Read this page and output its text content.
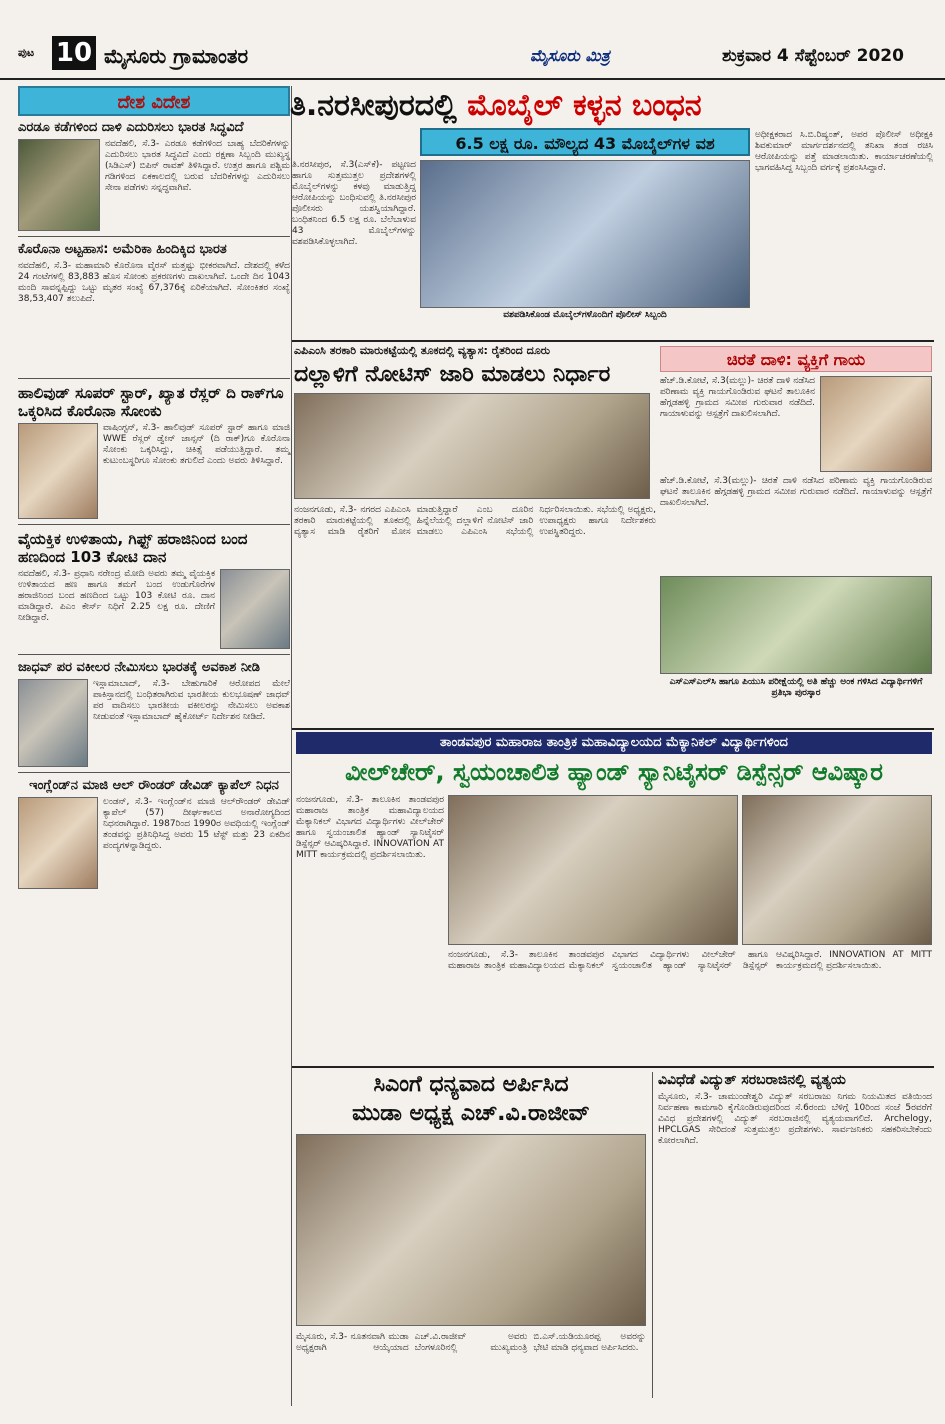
ಪುಟ 10 ಮೈಸೂರು ಗ್ರಾಮಾಂತರ	ಮೈಸೂರು ಮಿತ್ರ	ಶುಕ್ರವಾರ 4 ಸೆಪ್ಟೆಂಬರ್ 2020
ದೇಶ ವಿದೇಶ
ಎರಡೂ ಕಡೆಗಳಿಂದ ದಾಳಿ ಎದುರಿಸಲು ಭಾರತ ಸಿದ್ಧವಿದೆ
ನವದೆಹಲಿ, ಸೆ.3- ಎರಡೂ ಕಡೆಗಳಿಂದ ಬಾಹ್ಯ ಬೆದರಿಕೆಗಳನ್ನು ಎದುರಿಸಲು ಭಾರತ ಸಿದ್ಧವಿದೆ ಎಂದು ರಕ್ಷಣಾ ಸಿಬ್ಬಂದಿ ಮುಖ್ಯಸ್ಥ (ಸಿಡಿಎಸ್) ಬಿಪಿನ್ ರಾವತ್ ತಿಳಿಸಿದ್ದಾರೆ. ಉತ್ತರ ಹಾಗೂ ಪಶ್ಚಿಮ ಗಡಿಗಳಿಂದ ಏಕಕಾಲದಲ್ಲಿ ಬರುವ ಬೆದರಿಕೆಗಳನ್ನು ಎದುರಿಸಲು ಸೇನಾ ಪಡೆಗಳು ಸನ್ನದ್ಧವಾಗಿವೆ.
ಕೊರೊನಾ ಅಟ್ಟಹಾಸ: ಅಮೆರಿಕಾ ಹಿಂದಿಕ್ಕಿದ ಭಾರತ
ನವದೆಹಲಿ, ಸೆ.3- ಮಹಾಮಾರಿ ಕೊರೊನಾ ವೈರಸ್ ಮತ್ತಷ್ಟು ಭೀಕರವಾಗಿದೆ. ದೇಶದಲ್ಲಿ ಕಳೆದ 24 ಗಂಟೆಗಳಲ್ಲಿ 83,883 ಹೊಸ ಸೋಂಕು ಪ್ರಕರಣಗಳು ದಾಖಲಾಗಿವೆ. ಒಂದೇ ದಿನ 1043 ಮಂದಿ ಸಾವನ್ನಪ್ಪಿದ್ದು ಒಟ್ಟು ಮೃತರ ಸಂಖ್ಯೆ 67,376ಕ್ಕೆ ಏರಿಕೆಯಾಗಿದೆ. ಸೋಂಕಿತರ ಸಂಖ್ಯೆ 38,53,407 ತಲುಪಿದೆ.
ಹಾಲಿವುಡ್ ಸೂಪರ್ ಸ್ಟಾರ್, ಖ್ಯಾತ ರೆಸ್ಲರ್ ದಿ ರಾಕ್‌ಗೂ ಒಕ್ಕರಿಸಿದ ಕೊರೊನಾ ಸೋಂಕು
ವಾಷಿಂಗ್ಟನ್, ಸೆ.3- ಹಾಲಿವುಡ್ ಸೂಪರ್ ಸ್ಟಾರ್ ಹಾಗೂ ಮಾಜಿ WWE ರೆಸ್ಲರ್ ಡ್ವೇನ್ ಜಾನ್ಸನ್ (ದಿ ರಾಕ್)ಗೂ ಕೊರೊನಾ ಸೋಂಕು ಒಕ್ಕರಿಸಿದ್ದು, ಚಿಕಿತ್ಸೆ ಪಡೆಯುತ್ತಿದ್ದಾರೆ. ತಮ್ಮ ಕುಟುಂಬಸ್ಥರಿಗೂ ಸೋಂಕು ತಗುಲಿದೆ ಎಂದು ಅವರು ತಿಳಿಸಿದ್ದಾರೆ.
ವೈಯಕ್ತಿಕ ಉಳಿತಾಯ, ಗಿಫ್ಟ್ ಹರಾಜಿನಿಂದ ಬಂದ ಹಣದಿಂದ 103 ಕೋಟಿ ದಾನ
ನವದೆಹಲಿ, ಸೆ.3- ಪ್ರಧಾನಿ ನರೇಂದ್ರ ಮೋದಿ ಅವರು ತಮ್ಮ ವೈಯಕ್ತಿಕ ಉಳಿತಾಯದ ಹಣ ಹಾಗೂ ತಮಗೆ ಬಂದ ಉಡುಗೊರೆಗಳ ಹರಾಜಿನಿಂದ ಬಂದ ಹಣದಿಂದ ಒಟ್ಟು 103 ಕೋಟಿ ರೂ. ದಾನ ಮಾಡಿದ್ದಾರೆ. ಪಿಎಂ ಕೇರ್ಸ್ ನಿಧಿಗೆ 2.25 ಲಕ್ಷ ರೂ. ದೇಣಿಗೆ ನೀಡಿದ್ದಾರೆ.
ಜಾಧವ್ ಪರ ವಕೀಲರ ನೇಮಿಸಲು ಭಾರತಕ್ಕೆ ಅವಕಾಶ ನೀಡಿ
ಇಸ್ಲಾಮಾಬಾದ್, ಸೆ.3- ಬೇಹುಗಾರಿಕೆ ಆರೋಪದ ಮೇಲೆ ಪಾಕಿಸ್ತಾನದಲ್ಲಿ ಬಂಧಿತರಾಗಿರುವ ಭಾರತೀಯ ಕುಲಭೂಷಣ್ ಜಾಧವ್ ಪರ ವಾದಿಸಲು ಭಾರತೀಯ ವಕೀಲರನ್ನು ನೇಮಿಸಲು ಅವಕಾಶ ನೀಡುವಂತೆ ಇಸ್ಲಾಮಾಬಾದ್ ಹೈಕೋರ್ಟ್ ನಿರ್ದೇಶನ ನೀಡಿದೆ.
ಇಂಗ್ಲೆಂಡ್‌ನ ಮಾಜಿ ಆಲ್ ರೌಂಡರ್ ಡೇವಿಡ್ ಕ್ಯಾಪೆಲ್ ನಿಧನ
ಲಂಡನ್, ಸೆ.3- ಇಂಗ್ಲೆಂಡ್‌ನ ಮಾಜಿ ಆಲ್‌ರೌಂಡರ್ ಡೇವಿಡ್ ಕ್ಯಾಪೆಲ್ (57) ದೀರ್ಘಕಾಲದ ಅನಾರೋಗ್ಯದಿಂದ ನಿಧನರಾಗಿದ್ದಾರೆ. 1987ರಿಂದ 1990ರ ಅವಧಿಯಲ್ಲಿ ಇಂಗ್ಲೆಂಡ್ ತಂಡವನ್ನು ಪ್ರತಿನಿಧಿಸಿದ್ದ ಅವರು 15 ಟೆಸ್ಟ್ ಮತ್ತು 23 ಏಕದಿನ ಪಂದ್ಯಗಳನ್ನಾಡಿದ್ದರು.
ತಿ.ನರಸೀಪುರದಲ್ಲಿ ಮೊಬೈಲ್ ಕಳ್ಳನ ಬಂಧನ
6.5 ಲಕ್ಷ ರೂ. ಮೌಲ್ಯದ 43 ಮೊಬೈಲ್‌ಗಳ ವಶ
ತಿ.ನರಸೀಪುರ, ಸೆ.3(ಎಸ್‌ಕೆ)- ಪಟ್ಟಣದ ಹಾಗೂ ಸುತ್ತಮುತ್ತಲ ಪ್ರದೇಶಗಳಲ್ಲಿ ಮೊಬೈಲ್‌ಗಳನ್ನು ಕಳವು ಮಾಡುತ್ತಿದ್ದ ಆರೋಪಿಯನ್ನು ಬಂಧಿಸುವಲ್ಲಿ ತಿ.ನರಸೀಪುರ ಪೊಲೀಸರು ಯಶಸ್ವಿಯಾಗಿದ್ದಾರೆ. ಬಂಧಿತನಿಂದ 6.5 ಲಕ್ಷ ರೂ. ಬೆಲೆಬಾಳುವ 43 ಮೊಬೈಲ್‌ಗಳನ್ನು ವಶಪಡಿಸಿಕೊಳ್ಳಲಾಗಿದೆ.
ವಶಪಡಿಸಿಕೊಂಡ ಮೊಬೈಲ್‌ಗಳೊಂದಿಗೆ ಪೊಲೀಸ್ ಸಿಬ್ಬಂದಿ
ಅಧೀಕ್ಷಕರಾದ ಸಿ.ಬಿ.ರಿಷ್ಯಂತ್, ಅಪರ ಪೊಲೀಸ್ ಅಧೀಕ್ಷಕಿ ಶಿವಕುಮಾರ್ ಮಾರ್ಗದರ್ಶನದಲ್ಲಿ ತನಿಖಾ ತಂಡ ರಚಿಸಿ ಆರೋಪಿಯನ್ನು ಪತ್ತೆ ಮಾಡಲಾಯಿತು. ಕಾರ್ಯಾಚರಣೆಯಲ್ಲಿ ಭಾಗವಹಿಸಿದ್ದ ಸಿಬ್ಬಂದಿ ವರ್ಗಕ್ಕೆ ಪ್ರಶಂಸಿಸಿದ್ದಾರೆ.
ಎಪಿಎಂಸಿ ತರಕಾರಿ ಮಾರುಕಟ್ಟೆಯಲ್ಲಿ ತೂಕದಲ್ಲಿ ವ್ಯತ್ಯಾಸ: ರೈತರಿಂದ ದೂರು
ದಲ್ಲಾಳಿಗೆ ನೋಟಿಸ್ ಜಾರಿ ಮಾಡಲು ನಿರ್ಧಾರ
ನಂಜನಗೂಡು, ಸೆ.3- ನಗರದ ಎಪಿಎಂಸಿ ತರಕಾರಿ ಮಾರುಕಟ್ಟೆಯಲ್ಲಿ ತೂಕದಲ್ಲಿ ವ್ಯತ್ಯಾಸ ಮಾಡಿ ರೈತರಿಗೆ ಮೋಸ ಮಾಡುತ್ತಿದ್ದಾರೆ ಎಂಬ ದೂರಿನ ಹಿನ್ನೆಲೆಯಲ್ಲಿ ದಲ್ಲಾಳಿಗೆ ನೋಟಿಸ್ ಜಾರಿ ಮಾಡಲು ಎಪಿಎಂಸಿ ಸಭೆಯಲ್ಲಿ ನಿರ್ಧರಿಸಲಾಯಿತು. ಸಭೆಯಲ್ಲಿ ಅಧ್ಯಕ್ಷರು, ಉಪಾಧ್ಯಕ್ಷರು ಹಾಗೂ ನಿರ್ದೇಶಕರು ಉಪಸ್ಥಿತರಿದ್ದರು.
ಚಿರತೆ ದಾಳಿ: ವ್ಯಕ್ತಿಗೆ ಗಾಯ
ಹೆಚ್.ಡಿ.ಕೋಟೆ, ಸೆ.3(ಮಲ್ಲು)- ಚಿರತೆ ದಾಳಿ ನಡೆಸಿದ ಪರಿಣಾಮ ವ್ಯಕ್ತಿ ಗಾಯಗೊಂಡಿರುವ ಘಟನೆ ತಾಲೂಕಿನ ಹೆಗ್ಗಡಹಳ್ಳಿ ಗ್ರಾಮದ ಸಮೀಪ ಗುರುವಾರ ನಡೆದಿದೆ. ಗಾಯಾಳುವನ್ನು ಆಸ್ಪತ್ರೆಗೆ ದಾಖಲಿಸಲಾಗಿದೆ.
ಹೆಚ್.ಡಿ.ಕೋಟೆ, ಸೆ.3(ಮಲ್ಲು)- ಚಿರತೆ ದಾಳಿ ನಡೆಸಿದ ಪರಿಣಾಮ ವ್ಯಕ್ತಿ ಗಾಯಗೊಂಡಿರುವ ಘಟನೆ ತಾಲೂಕಿನ ಹೆಗ್ಗಡಹಳ್ಳಿ ಗ್ರಾಮದ ಸಮೀಪ ಗುರುವಾರ ನಡೆದಿದೆ. ಗಾಯಾಳುವನ್ನು ಆಸ್ಪತ್ರೆಗೆ ದಾಖಲಿಸಲಾಗಿದೆ.
ಎಸ್‌ಎಸ್‌ಎಲ್‌ಸಿ ಹಾಗೂ ಪಿಯುಸಿ ಪರೀಕ್ಷೆಯಲ್ಲಿ ಅತಿ ಹೆಚ್ಚು ಅಂಕ ಗಳಿಸಿದ ವಿದ್ಯಾರ್ಥಿಗಳಿಗೆ ಪ್ರತಿಭಾ ಪುರಸ್ಕಾರ
ತಾಂಡವಪುರ ಮಹಾರಾಜ ತಾಂತ್ರಿಕ ಮಹಾವಿದ್ಯಾಲಯದ ಮೆಕ್ಯಾನಿಕಲ್ ವಿದ್ಯಾರ್ಥಿಗಳಿಂದ
ವೀಲ್‌ಚೇರ್, ಸ್ವಯಂಚಾಲಿತ ಹ್ಯಾಂಡ್ ಸ್ಯಾನಿಟೈಸರ್ ಡಿಸ್ಪೆನ್ಸರ್ ಆವಿಷ್ಕಾರ
ನಂಜನಗೂಡು, ಸೆ.3- ತಾಲೂಕಿನ ತಾಂಡವಪುರ ಮಹಾರಾಜ ತಾಂತ್ರಿಕ ಮಹಾವಿದ್ಯಾಲಯದ ಮೆಕ್ಯಾನಿಕಲ್ ವಿಭಾಗದ ವಿದ್ಯಾರ್ಥಿಗಳು ವೀಲ್‌ಚೇರ್ ಹಾಗೂ ಸ್ವಯಂಚಾಲಿತ ಹ್ಯಾಂಡ್ ಸ್ಯಾನಿಟೈಸರ್ ಡಿಸ್ಪೆನ್ಸರ್ ಆವಿಷ್ಕರಿಸಿದ್ದಾರೆ. INNOVATION AT MITT ಕಾರ್ಯಕ್ರಮದಲ್ಲಿ ಪ್ರದರ್ಶಿಸಲಾಯಿತು.
ನಂಜನಗೂಡು, ಸೆ.3- ತಾಲೂಕಿನ ತಾಂಡವಪುರ ಮಹಾರಾಜ ತಾಂತ್ರಿಕ ಮಹಾವಿದ್ಯಾಲಯದ ಮೆಕ್ಯಾನಿಕಲ್ ವಿಭಾಗದ ವಿದ್ಯಾರ್ಥಿಗಳು ವೀಲ್‌ಚೇರ್ ಹಾಗೂ ಸ್ವಯಂಚಾಲಿತ ಹ್ಯಾಂಡ್ ಸ್ಯಾನಿಟೈಸರ್ ಡಿಸ್ಪೆನ್ಸರ್ ಆವಿಷ್ಕರಿಸಿದ್ದಾರೆ. INNOVATION AT MITT ಕಾರ್ಯಕ್ರಮದಲ್ಲಿ ಪ್ರದರ್ಶಿಸಲಾಯಿತು.
ಸಿಎಂಗೆ ಧನ್ಯವಾದ ಅರ್ಪಿಸಿದ
ಮುಡಾ ಅಧ್ಯಕ್ಷ ಎಚ್.ವಿ.ರಾಜೀವ್
ಮೈಸೂರು, ಸೆ.3- ನೂತನವಾಗಿ ಮುಡಾ ಅಧ್ಯಕ್ಷರಾಗಿ ಆಯ್ಕೆಯಾದ ಎಚ್.ವಿ.ರಾಜೀವ್ ಅವರು ಬೆಂಗಳೂರಿನಲ್ಲಿ ಮುಖ್ಯಮಂತ್ರಿ ಬಿ.ಎಸ್.ಯಡಿಯೂರಪ್ಪ ಅವರನ್ನು ಭೇಟಿ ಮಾಡಿ ಧನ್ಯವಾದ ಅರ್ಪಿಸಿದರು.
ವಿವಿಧೆಡೆ ವಿದ್ಯುತ್ ಸರಬರಾಜಿನಲ್ಲಿ ವ್ಯತ್ಯಯ
ಮೈಸೂರು, ಸೆ.3- ಚಾಮುಂಡೇಶ್ವರಿ ವಿದ್ಯುತ್ ಸರಬರಾಜು ನಿಗಮ ನಿಯಮಿತದ ವತಿಯಿಂದ ನಿರ್ವಹಣಾ ಕಾಮಗಾರಿ ಕೈಗೊಂಡಿರುವುದರಿಂದ ಸೆ.6ರಂದು ಬೆಳಿಗ್ಗೆ 10ರಿಂದ ಸಂಜೆ 5ರವರೆಗೆ ವಿವಿಧ ಪ್ರದೇಶಗಳಲ್ಲಿ ವಿದ್ಯುತ್ ಸರಬರಾಜಿನಲ್ಲಿ ವ್ಯತ್ಯಯವಾಗಲಿದೆ. Archelogy, HPCLGAS ಸೇರಿದಂತೆ ಸುತ್ತಮುತ್ತಲ ಪ್ರದೇಶಗಳು. ಸಾರ್ವಜನಿಕರು ಸಹಕರಿಸಬೇಕೆಂದು ಕೋರಲಾಗಿದೆ.
